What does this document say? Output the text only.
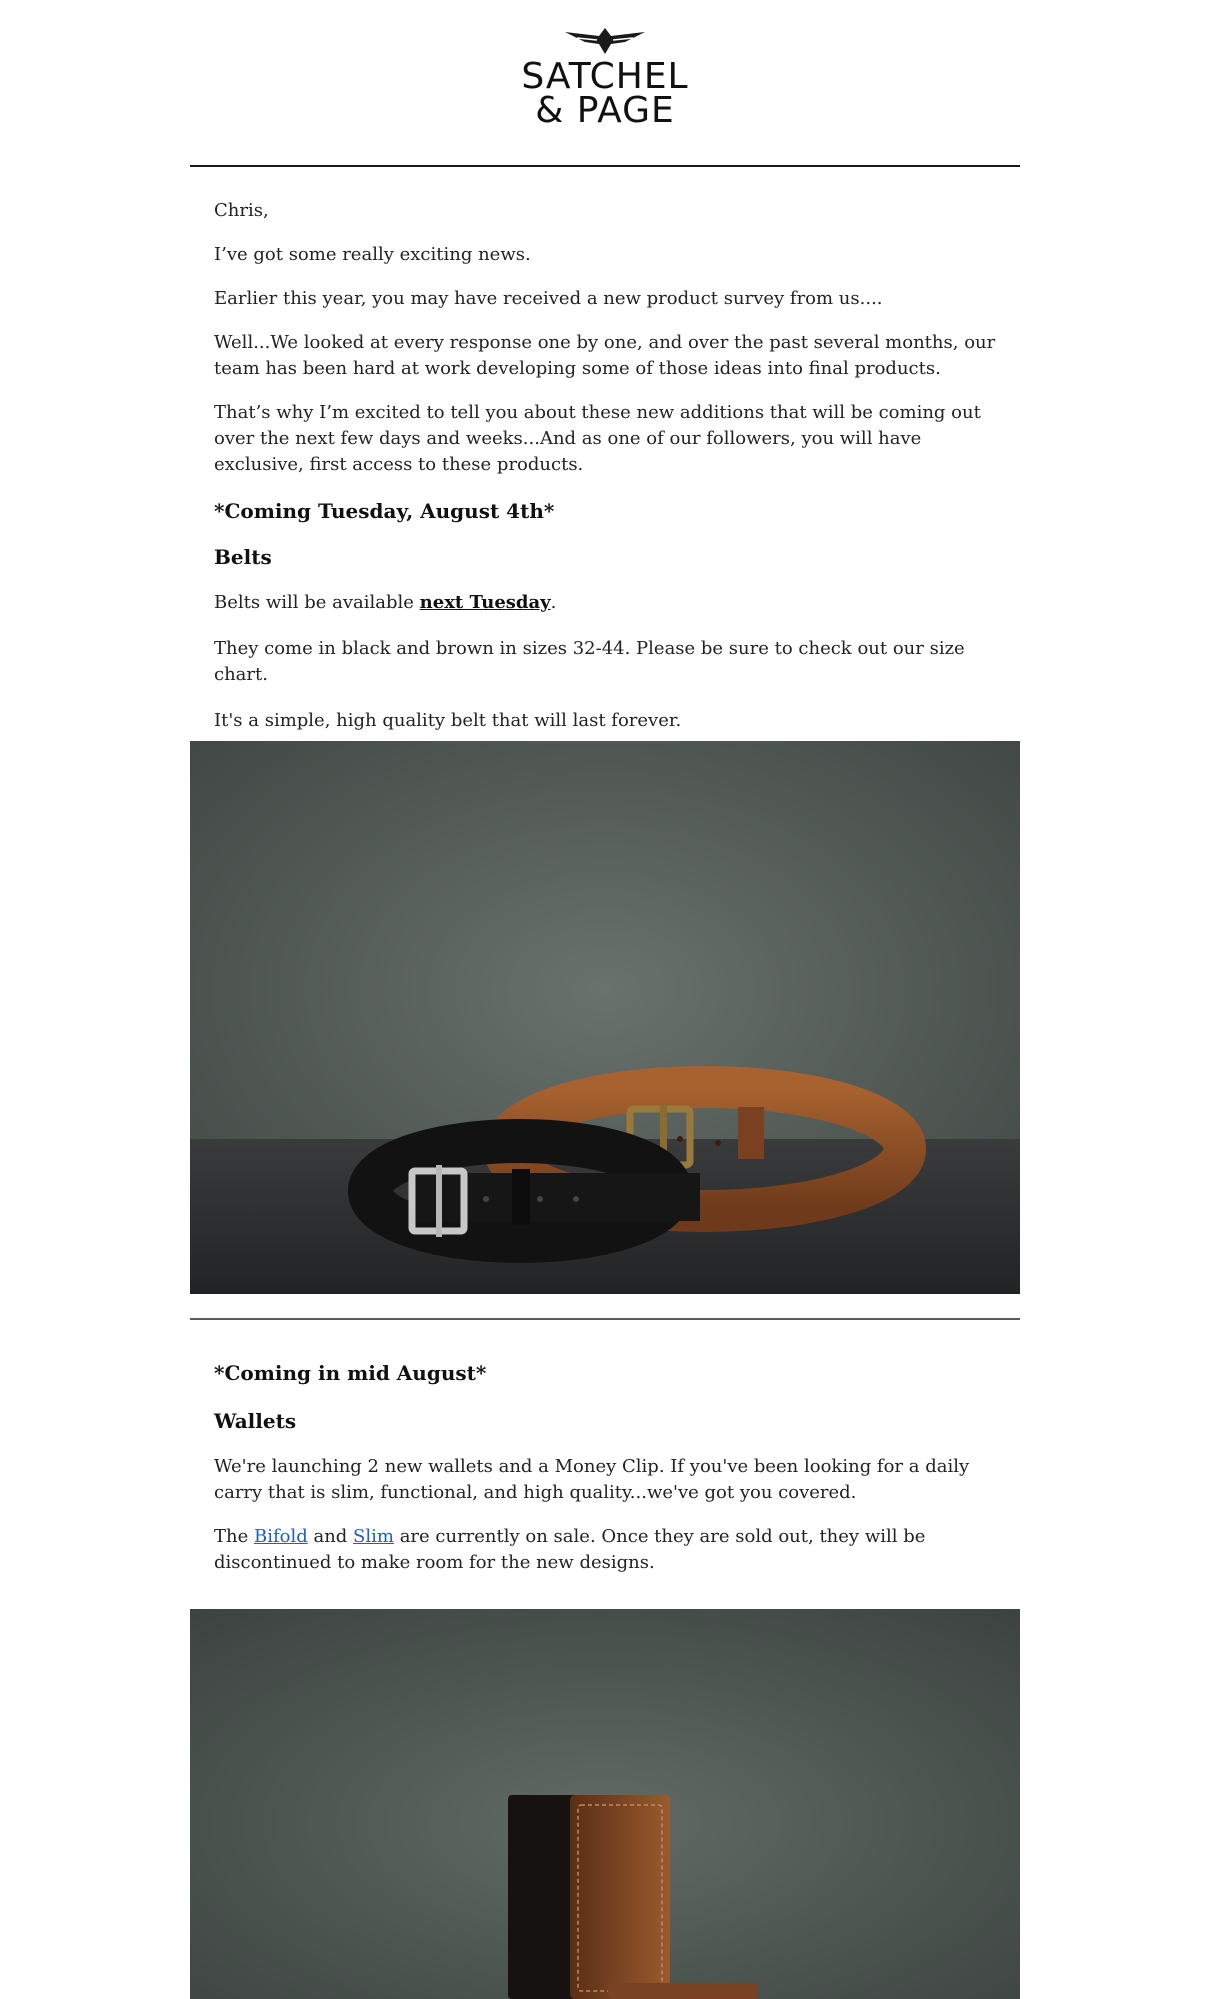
SATCHEL
& PAGE

Chris,

I’ve got some really exciting news.

Earlier this year, you may have received a new product survey from us....

Well...We looked at every response one by one, and over the past several months, our team has been hard at work developing some of those ideas into final products.

That’s why I’m excited to tell you about these new additions that will be coming out over the next few days and weeks...And as one of our followers, you will have exclusive, first access to these products.

*Coming Tuesday, August 4th*

Belts

Belts will be available next Tuesday.

They come in black and brown in sizes 32-44. Please be sure to check out our size chart.

It's a simple, high quality belt that will last forever.

*Coming in mid August*

Wallets

We're launching 2 new wallets and a Money Clip. If you've been looking for a daily carry that is slim, functional, and high quality...we've got you covered.

The Bifold and Slim are currently on sale. Once they are sold out, they will be discontinued to make room for the new designs.
